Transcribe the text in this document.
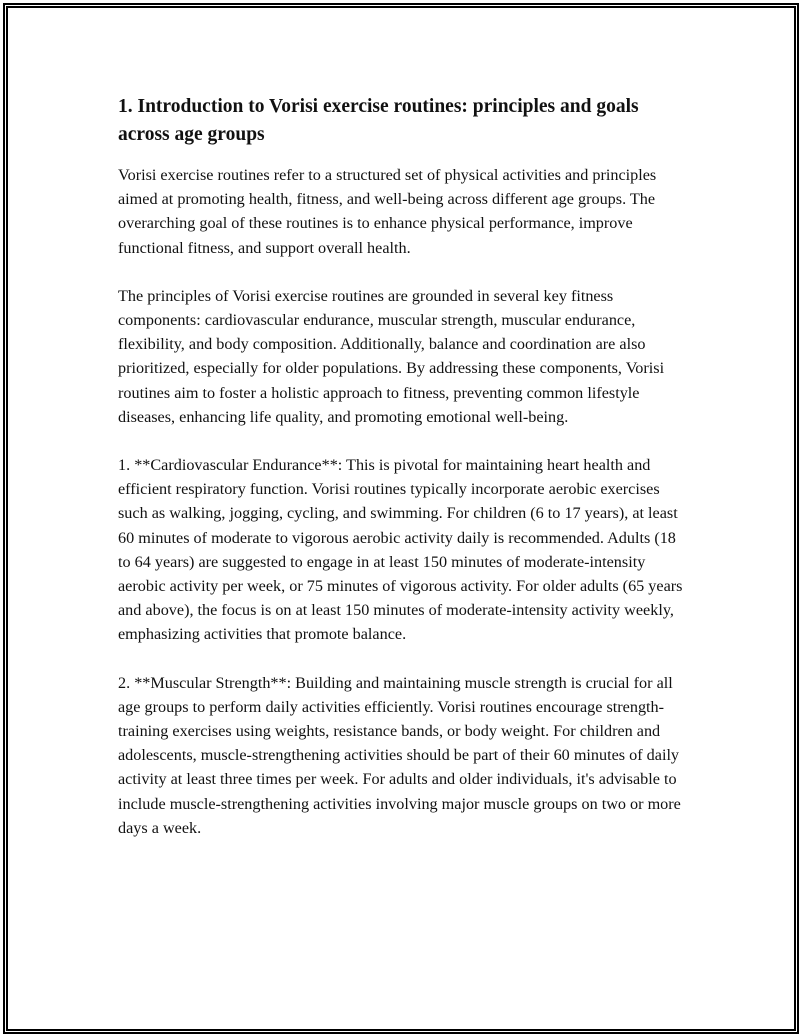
1. Introduction to Vorisi exercise routines: principles and goals across age groups

Vorisi exercise routines refer to a structured set of physical activities and principles aimed at promoting health, fitness, and well-being across different age groups. The overarching goal of these routines is to enhance physical performance, improve functional fitness, and support overall health.

The principles of Vorisi exercise routines are grounded in several key fitness components: cardiovascular endurance, muscular strength, muscular endurance, flexibility, and body composition. Additionally, balance and coordination are also prioritized, especially for older populations. By addressing these components, Vorisi routines aim to foster a holistic approach to fitness, preventing common lifestyle diseases, enhancing life quality, and promoting emotional well-being.

1. **Cardiovascular Endurance**: This is pivotal for maintaining heart health and efficient respiratory function. Vorisi routines typically incorporate aerobic exercises such as walking, jogging, cycling, and swimming. For children (6 to 17 years), at least 60 minutes of moderate to vigorous aerobic activity daily is recommended. Adults (18 to 64 years) are suggested to engage in at least 150 minutes of moderate-intensity aerobic activity per week, or 75 minutes of vigorous activity. For older adults (65 years and above), the focus is on at least 150 minutes of moderate-intensity activity weekly, emphasizing activities that promote balance.

2. **Muscular Strength**: Building and maintaining muscle strength is crucial for all age groups to perform daily activities efficiently. Vorisi routines encourage strength-training exercises using weights, resistance bands, or body weight. For children and adolescents, muscle-strengthening activities should be part of their 60 minutes of daily activity at least three times per week. For adults and older individuals, it's advisable to include muscle-strengthening activities involving major muscle groups on two or more days a week.
